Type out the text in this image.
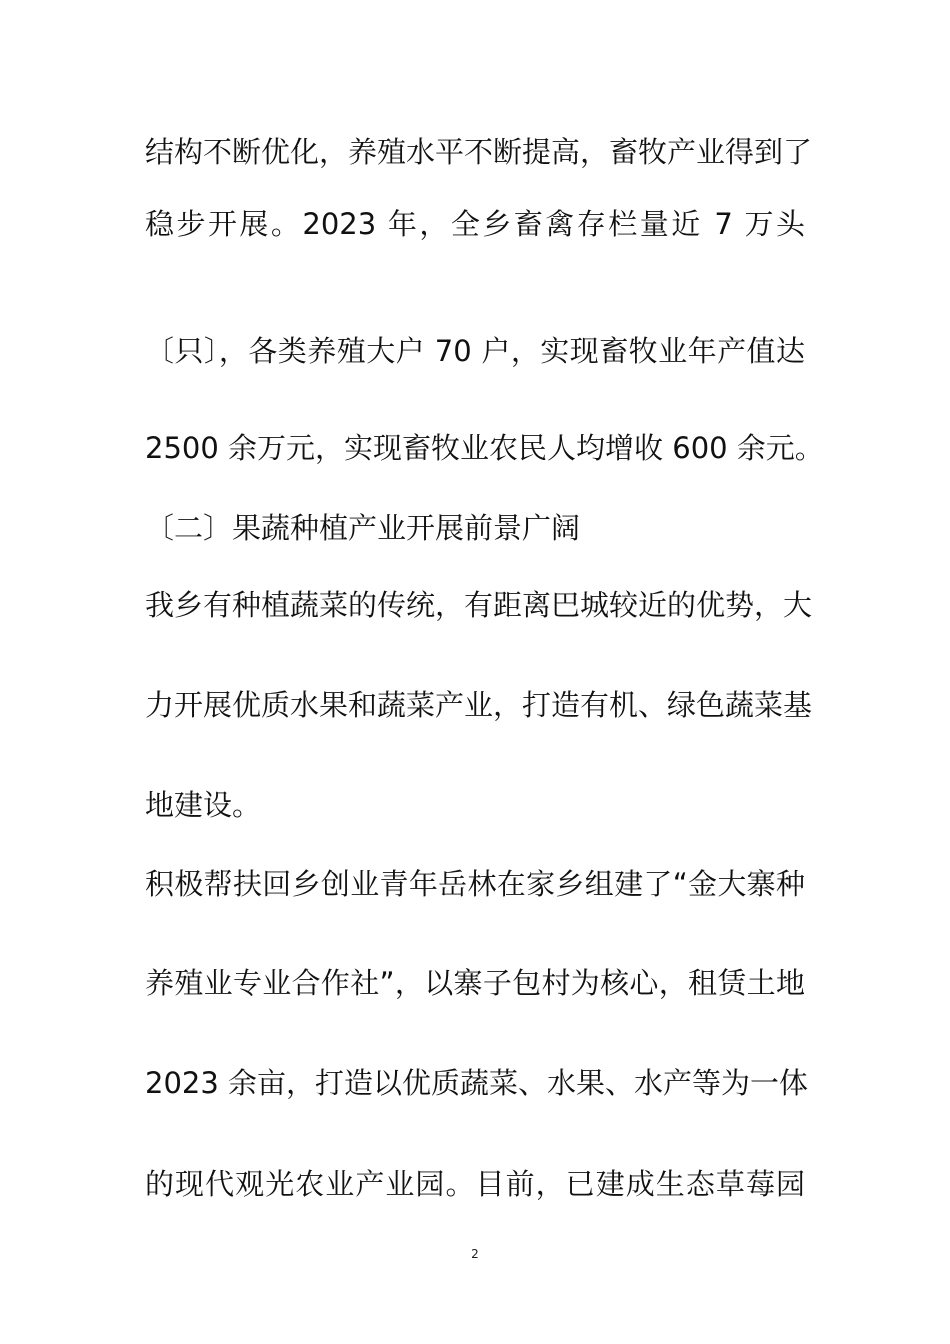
结构不断优化，养殖水平不断提高，畜牧产业得到了

稳步开展。2023 年，全乡畜禽存栏量近 7 万头

〔只〕，各类养殖大户 70 户，实现畜牧业年产值达

2500 余万元，实现畜牧业农民人均增收 600 余元。

〔二〕果蔬种植产业开展前景广阔

我乡有种植蔬菜的传统，有距离巴城较近的优势，大

力开展优质水果和蔬菜产业，打造有机、绿色蔬菜基

地建设。

积极帮扶回乡创业青年岳林在家乡组建了“金大寨种

养殖业专业合作社”，以寨子包村为核心，租赁土地

2023 余亩，打造以优质蔬菜、水果、水产等为一体

的现代观光农业产业园。目前，已建成生态草莓园

2
